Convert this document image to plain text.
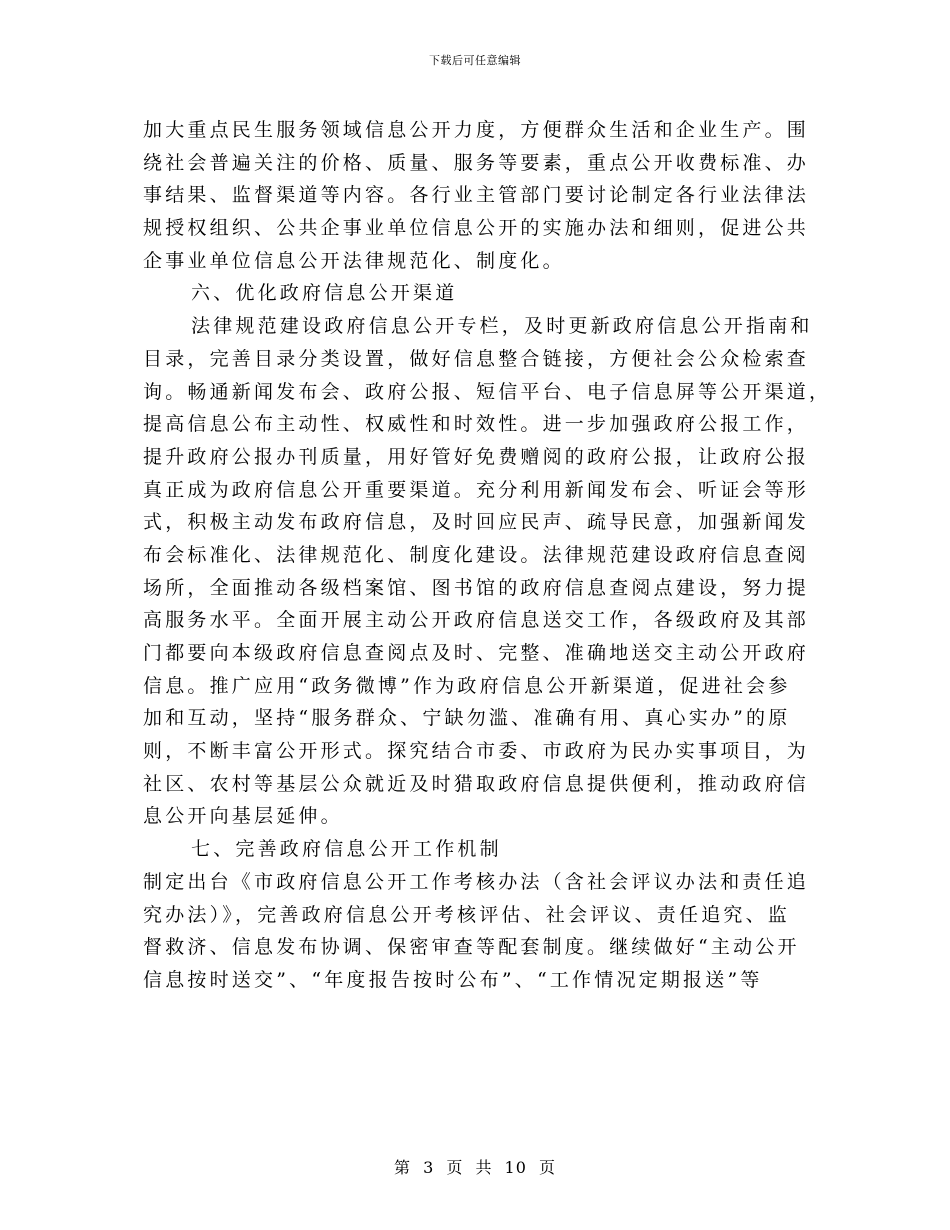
下载后可任意编辑
加大重点民生服务领域信息公开力度，方便群众生活和企业生产。围
绕社会普遍关注的价格、质量、服务等要素，重点公开收费标准、办
事结果、监督渠道等内容。各行业主管部门要讨论制定各行业法律法
规授权组织、公共企事业单位信息公开的实施办法和细则，促进公共
企事业单位信息公开法律规范化、制度化。
六、优化政府信息公开渠道
法律规范建设政府信息公开专栏，及时更新政府信息公开指南和
目录，完善目录分类设置，做好信息整合链接，方便社会公众检索查
询。畅通新闻发布会、政府公报、短信平台、电子信息屏等公开渠道，
提高信息公布主动性、权威性和时效性。进一步加强政府公报工作，
提升政府公报办刊质量，用好管好免费赠阅的政府公报，让政府公报
真正成为政府信息公开重要渠道。充分利用新闻发布会、听证会等形
式，积极主动发布政府信息，及时回应民声、疏导民意，加强新闻发
布会标准化、法律规范化、制度化建设。法律规范建设政府信息查阅
场所，全面推动各级档案馆、图书馆的政府信息查阅点建设，努力提
高服务水平。全面开展主动公开政府信息送交工作，各级政府及其部
门都要向本级政府信息查阅点及时、完整、准确地送交主动公开政府
信息。推广应用“政务微博”作为政府信息公开新渠道，促进社会参
加和互动，坚持“服务群众、宁缺勿滥、准确有用、真心实办”的原
则，不断丰富公开形式。探究结合市委、市政府为民办实事项目，为
社区、农村等基层公众就近及时猎取政府信息提供便利，推动政府信
息公开向基层延伸。
七、完善政府信息公开工作机制
制定出台《市政府信息公开工作考核办法（含社会评议办法和责任追
究办法）》，完善政府信息公开考核评估、社会评议、责任追究、监
督救济、信息发布协调、保密审查等配套制度。继续做好“主动公开
信息按时送交”、“年度报告按时公布”、“工作情况定期报送”等
第 3 页 共 10 页
